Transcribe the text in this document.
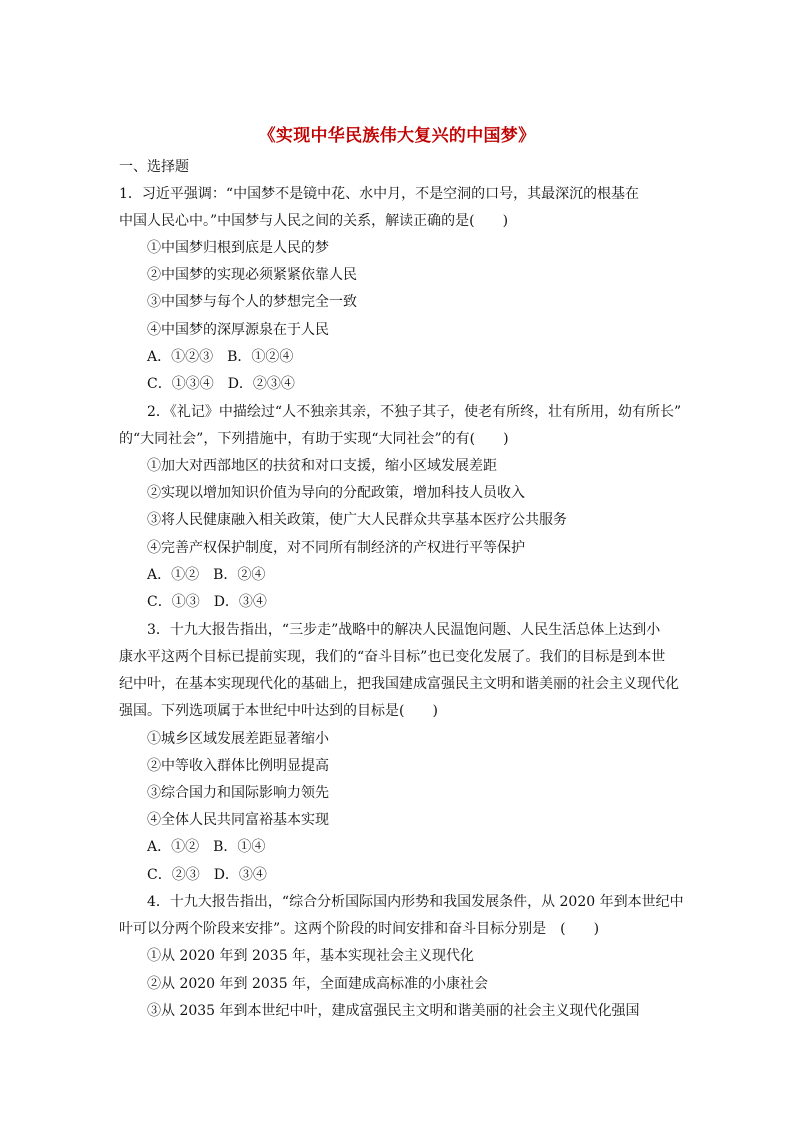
《实现中华民族伟大复兴的中国梦》
一、选择题
1．习近平强调：“中国梦不是镜中花、水中月，不是空洞的口号，其最深沉的根基在
中国人民心中。”中国梦与人民之间的关系，解读正确的是(　　)
①中国梦归根到底是人民的梦
②中国梦的实现必须紧紧依靠人民
③中国梦与每个人的梦想完全一致
④中国梦的深厚源泉在于人民
A．①②③　B．①②④
C．①③④　D．②③④
2．《礼记》中描绘过“人不独亲其亲，不独子其子，使老有所终，壮有所用，幼有所长”
的“大同社会”，下列措施中，有助于实现“大同社会”的有(　　)
①加大对西部地区的扶贫和对口支援，缩小区域发展差距
②实现以增加知识价值为导向的分配政策，增加科技人员收入
③将人民健康融入相关政策，使广大人民群众共享基本医疗公共服务
④完善产权保护制度，对不同所有制经济的产权进行平等保护
A．①②　B．②④
C．①③　D．③④
3．十九大报告指出，“三步走”战略中的解决人民温饱问题、人民生活总体上达到小
康水平这两个目标已提前实现，我们的“奋斗目标”也已变化发展了。我们的目标是到本世
纪中叶，在基本实现现代化的基础上，把我国建成富强民主文明和谐美丽的社会主义现代化
强国。下列选项属于本世纪中叶达到的目标是(　　)
①城乡区域发展差距显著缩小
②中等收入群体比例明显提高
③综合国力和国际影响力领先
④全体人民共同富裕基本实现
A．①②　B．①④
C．②③　D．③④
4．十九大报告指出，“综合分析国际国内形势和我国发展条件，从 2020 年到本世纪中
叶可以分两个阶段来安排”。这两个阶段的时间安排和奋斗目标分别是　(　　)
①从 2020 年到 2035 年，基本实现社会主义现代化
②从 2020 年到 2035 年，全面建成高标准的小康社会
③从 2035 年到本世纪中叶，建成富强民主文明和谐美丽的社会主义现代化强国
